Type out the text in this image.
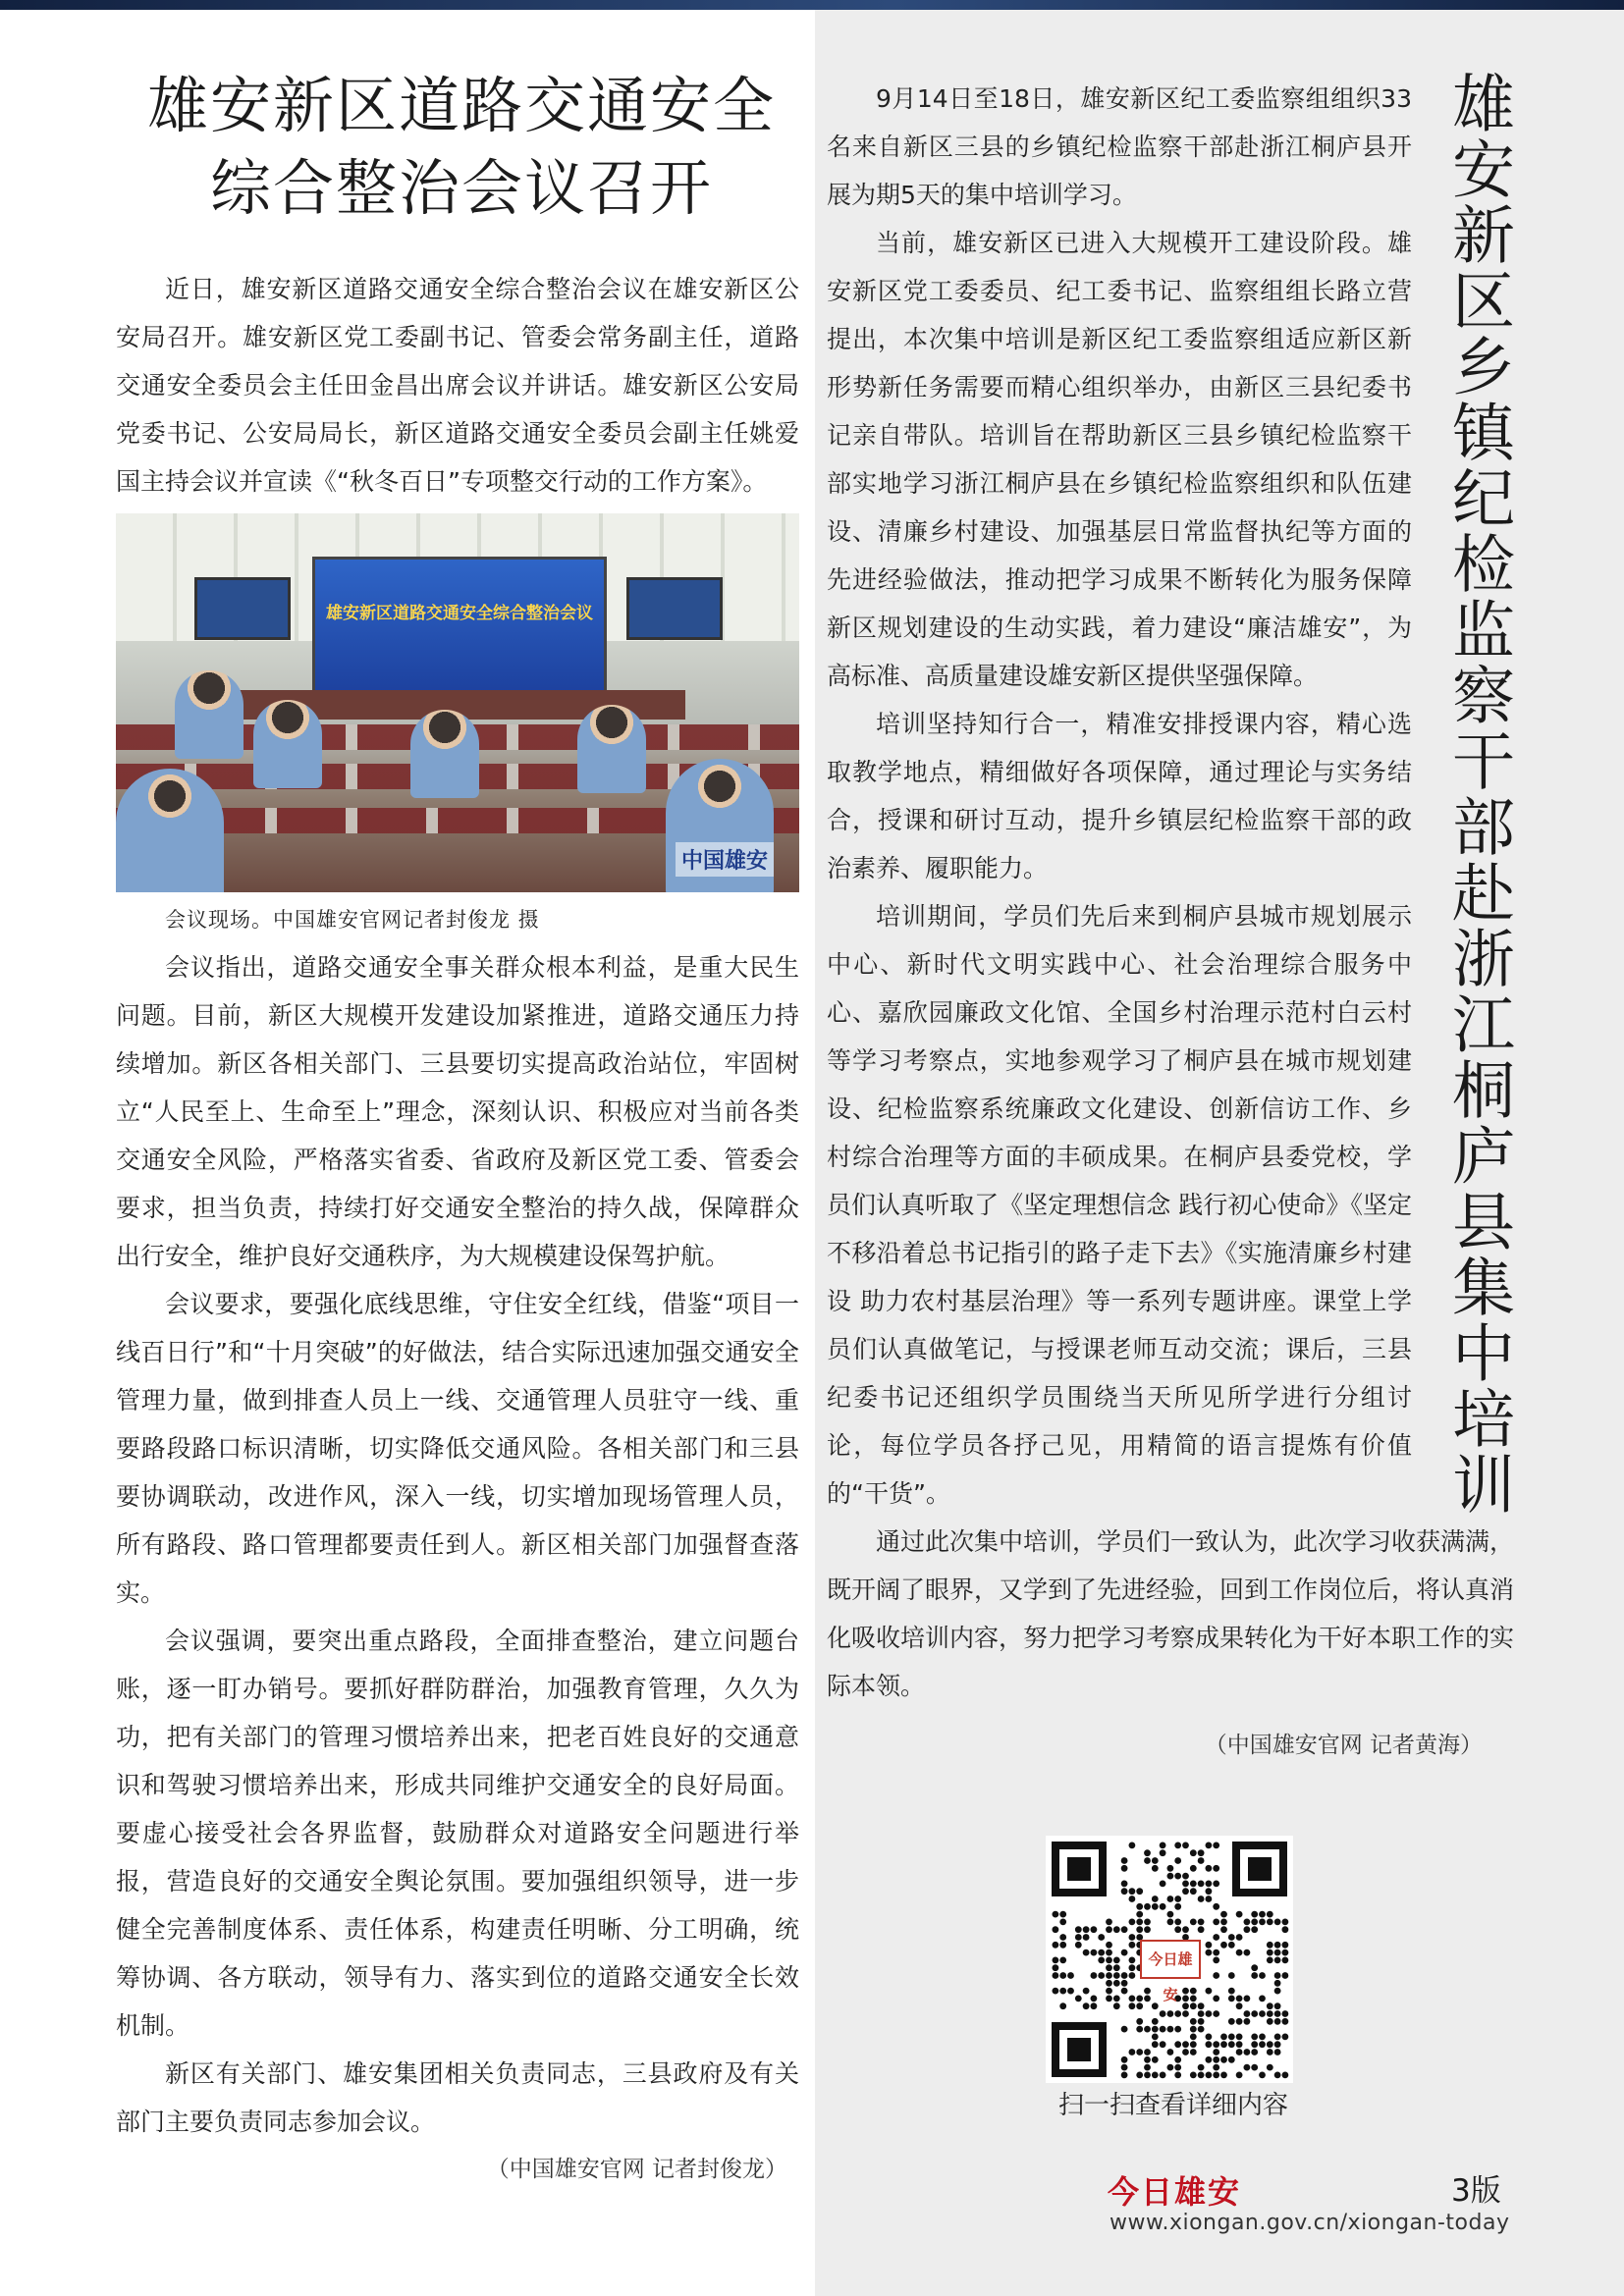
雄安新区道路交通安全
综合整治会议召开

近日，雄安新区道路交通安全综合整治会议在雄安新区公安局召开。雄安新区党工委副书记、管委会常务副主任，道路交通安全委员会主任田金昌出席会议并讲话。雄安新区公安局党委书记、公安局局长，新区道路交通安全委员会副主任姚爱国主持会议并宣读《“秋冬百日”专项整交行动的工作方案》。

雄安新区道路交通安全综合整治会议
中国雄安

会议现场。中国雄安官网记者封俊龙 摄

会议指出，道路交通安全事关群众根本利益，是重大民生问题。目前，新区大规模开发建设加紧推进，道路交通压力持续增加。新区各相关部门、三县要切实提高政治站位，牢固树立“人民至上、生命至上”理念，深刻认识、积极应对当前各类交通安全风险，严格落实省委、省政府及新区党工委、管委会要求，担当负责，持续打好交通安全整治的持久战，保障群众出行安全，维护良好交通秩序，为大规模建设保驾护航。

会议要求，要强化底线思维，守住安全红线，借鉴“项目一线百日行”和“十月突破”的好做法，结合实际迅速加强交通安全管理力量，做到排查人员上一线、交通管理人员驻守一线、重要路段路口标识清晰，切实降低交通风险。各相关部门和三县要协调联动，改进作风，深入一线，切实增加现场管理人员，所有路段、路口管理都要责任到人。新区相关部门加强督查落实。

会议强调，要突出重点路段，全面排查整治，建立问题台账，逐一盯办销号。要抓好群防群治，加强教育管理，久久为功，把有关部门的管理习惯培养出来，把老百姓良好的交通意识和驾驶习惯培养出来，形成共同维护交通安全的良好局面。要虚心接受社会各界监督，鼓励群众对道路安全问题进行举报，营造良好的交通安全舆论氛围。要加强组织领导，进一步健全完善制度体系、责任体系，构建责任明晰、分工明确，统筹协调、各方联动，领导有力、落实到位的道路交通安全长效机制。

新区有关部门、雄安集团相关负责同志，三县政府及有关部门主要负责同志参加会议。

（中国雄安官网 记者封俊龙）

9月14日至18日，雄安新区纪工委监察组组织33名来自新区三县的乡镇纪检监察干部赴浙江桐庐县开展为期5天的集中培训学习。

当前，雄安新区已进入大规模开工建设阶段。雄安新区党工委委员、纪工委书记、监察组组长路立营提出，本次集中培训是新区纪工委监察组适应新区新形势新任务需要而精心组织举办，由新区三县纪委书记亲自带队。培训旨在帮助新区三县乡镇纪检监察干部实地学习浙江桐庐县在乡镇纪检监察组织和队伍建设、清廉乡村建设、加强基层日常监督执纪等方面的先进经验做法，推动把学习成果不断转化为服务保障新区规划建设的生动实践，着力建设“廉洁雄安”，为高标准、高质量建设雄安新区提供坚强保障。

培训坚持知行合一，精准安排授课内容，精心选取教学地点，精细做好各项保障，通过理论与实务结合，授课和研讨互动，提升乡镇层纪检监察干部的政治素养、履职能力。

培训期间，学员们先后来到桐庐县城市规划展示中心、新时代文明实践中心、社会治理综合服务中心、嘉欣园廉政文化馆、全国乡村治理示范村白云村等学习考察点，实地参观学习了桐庐县在城市规划建设、纪检监察系统廉政文化建设、创新信访工作、乡村综合治理等方面的丰硕成果。在桐庐县委党校，学员们认真听取了《坚定理想信念 践行初心使命》《坚定不移沿着总书记指引的路子走下去》《实施清廉乡村建设 助力农村基层治理》等一系列专题讲座。课堂上学员们认真做笔记，与授课老师互动交流；课后，三县纪委书记还组织学员围绕当天所见所学进行分组讨论，每位学员各抒己见，用精简的语言提炼有价值的“干货”。

通过此次集中培训，学员们一致认为，此次学习收获满满，既开阔了眼界，又学到了先进经验，回到工作岗位后，将认真消化吸收培训内容，努力把学习考察成果转化为干好本职工作的实际本领。

（中国雄安官网 记者黄海）

雄安新区乡镇纪检监察干部赴浙江桐庐县集中培训
今日雄安
扫一扫查看详细内容
今日雄安	3版
www.xiongan.gov.cn/xiongan-today
